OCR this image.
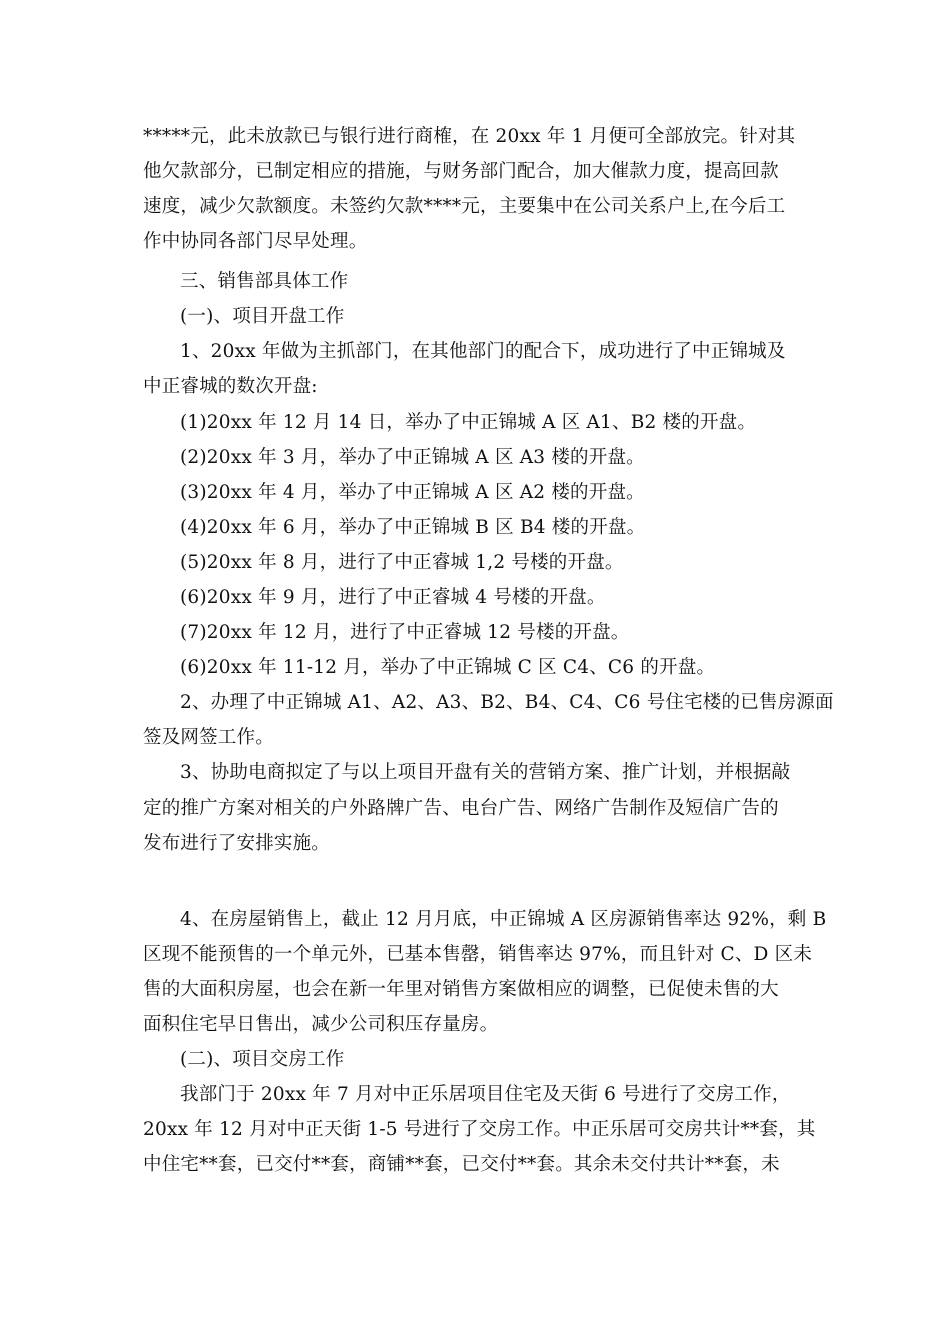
*****元，此未放款已与银行进行商榷，在 20xx 年 1 月便可全部放完。针对其
他欠款部分，已制定相应的措施，与财务部门配合，加大催款力度，提高回款
速度，减少欠款额度。未签约欠款****元，主要集中在公司关系户上,在今后工
作中协同各部门尽早处理。
三、销售部具体工作
(一)、项目开盘工作
1、20xx 年做为主抓部门，在其他部门的配合下，成功进行了中正锦城及
中正睿城的数次开盘:
(1)20xx 年 12 月 14 日，举办了中正锦城 A 区 A1、B2 楼的开盘。
(2)20xx 年 3 月，举办了中正锦城 A 区 A3 楼的开盘。
(3)20xx 年 4 月，举办了中正锦城 A 区 A2 楼的开盘。
(4)20xx 年 6 月，举办了中正锦城 B 区 B4 楼的开盘。
(5)20xx 年 8 月，进行了中正睿城 1,2 号楼的开盘。
(6)20xx 年 9 月，进行了中正睿城 4 号楼的开盘。
(7)20xx 年 12 月，进行了中正睿城 12 号楼的开盘。
(6)20xx 年 11-12 月，举办了中正锦城 C 区 C4、C6 的开盘。
2、办理了中正锦城 A1、A2、A3、B2、B4、C4、C6 号住宅楼的已售房源面
签及网签工作。
3、协助电商拟定了与以上项目开盘有关的营销方案、推广计划，并根据敲
定的推广方案对相关的户外路牌广告、电台广告、网络广告制作及短信广告的
发布进行了安排实施。
4、在房屋销售上，截止 12 月月底，中正锦城 A 区房源销售率达 92%，剩 B
区现不能预售的一个单元外，已基本售罄，销售率达 97%，而且针对 C、D 区未
售的大面积房屋，也会在新一年里对销售方案做相应的调整，已促使未售的大
面积住宅早日售出，减少公司积压存量房。
(二)、项目交房工作
我部门于 20xx 年 7 月对中正乐居项目住宅及天街 6 号进行了交房工作，
20xx 年 12 月对中正天街 1-5 号进行了交房工作。中正乐居可交房共计**套，其
中住宅**套，已交付**套，商铺**套，已交付**套。其余未交付共计**套，未
